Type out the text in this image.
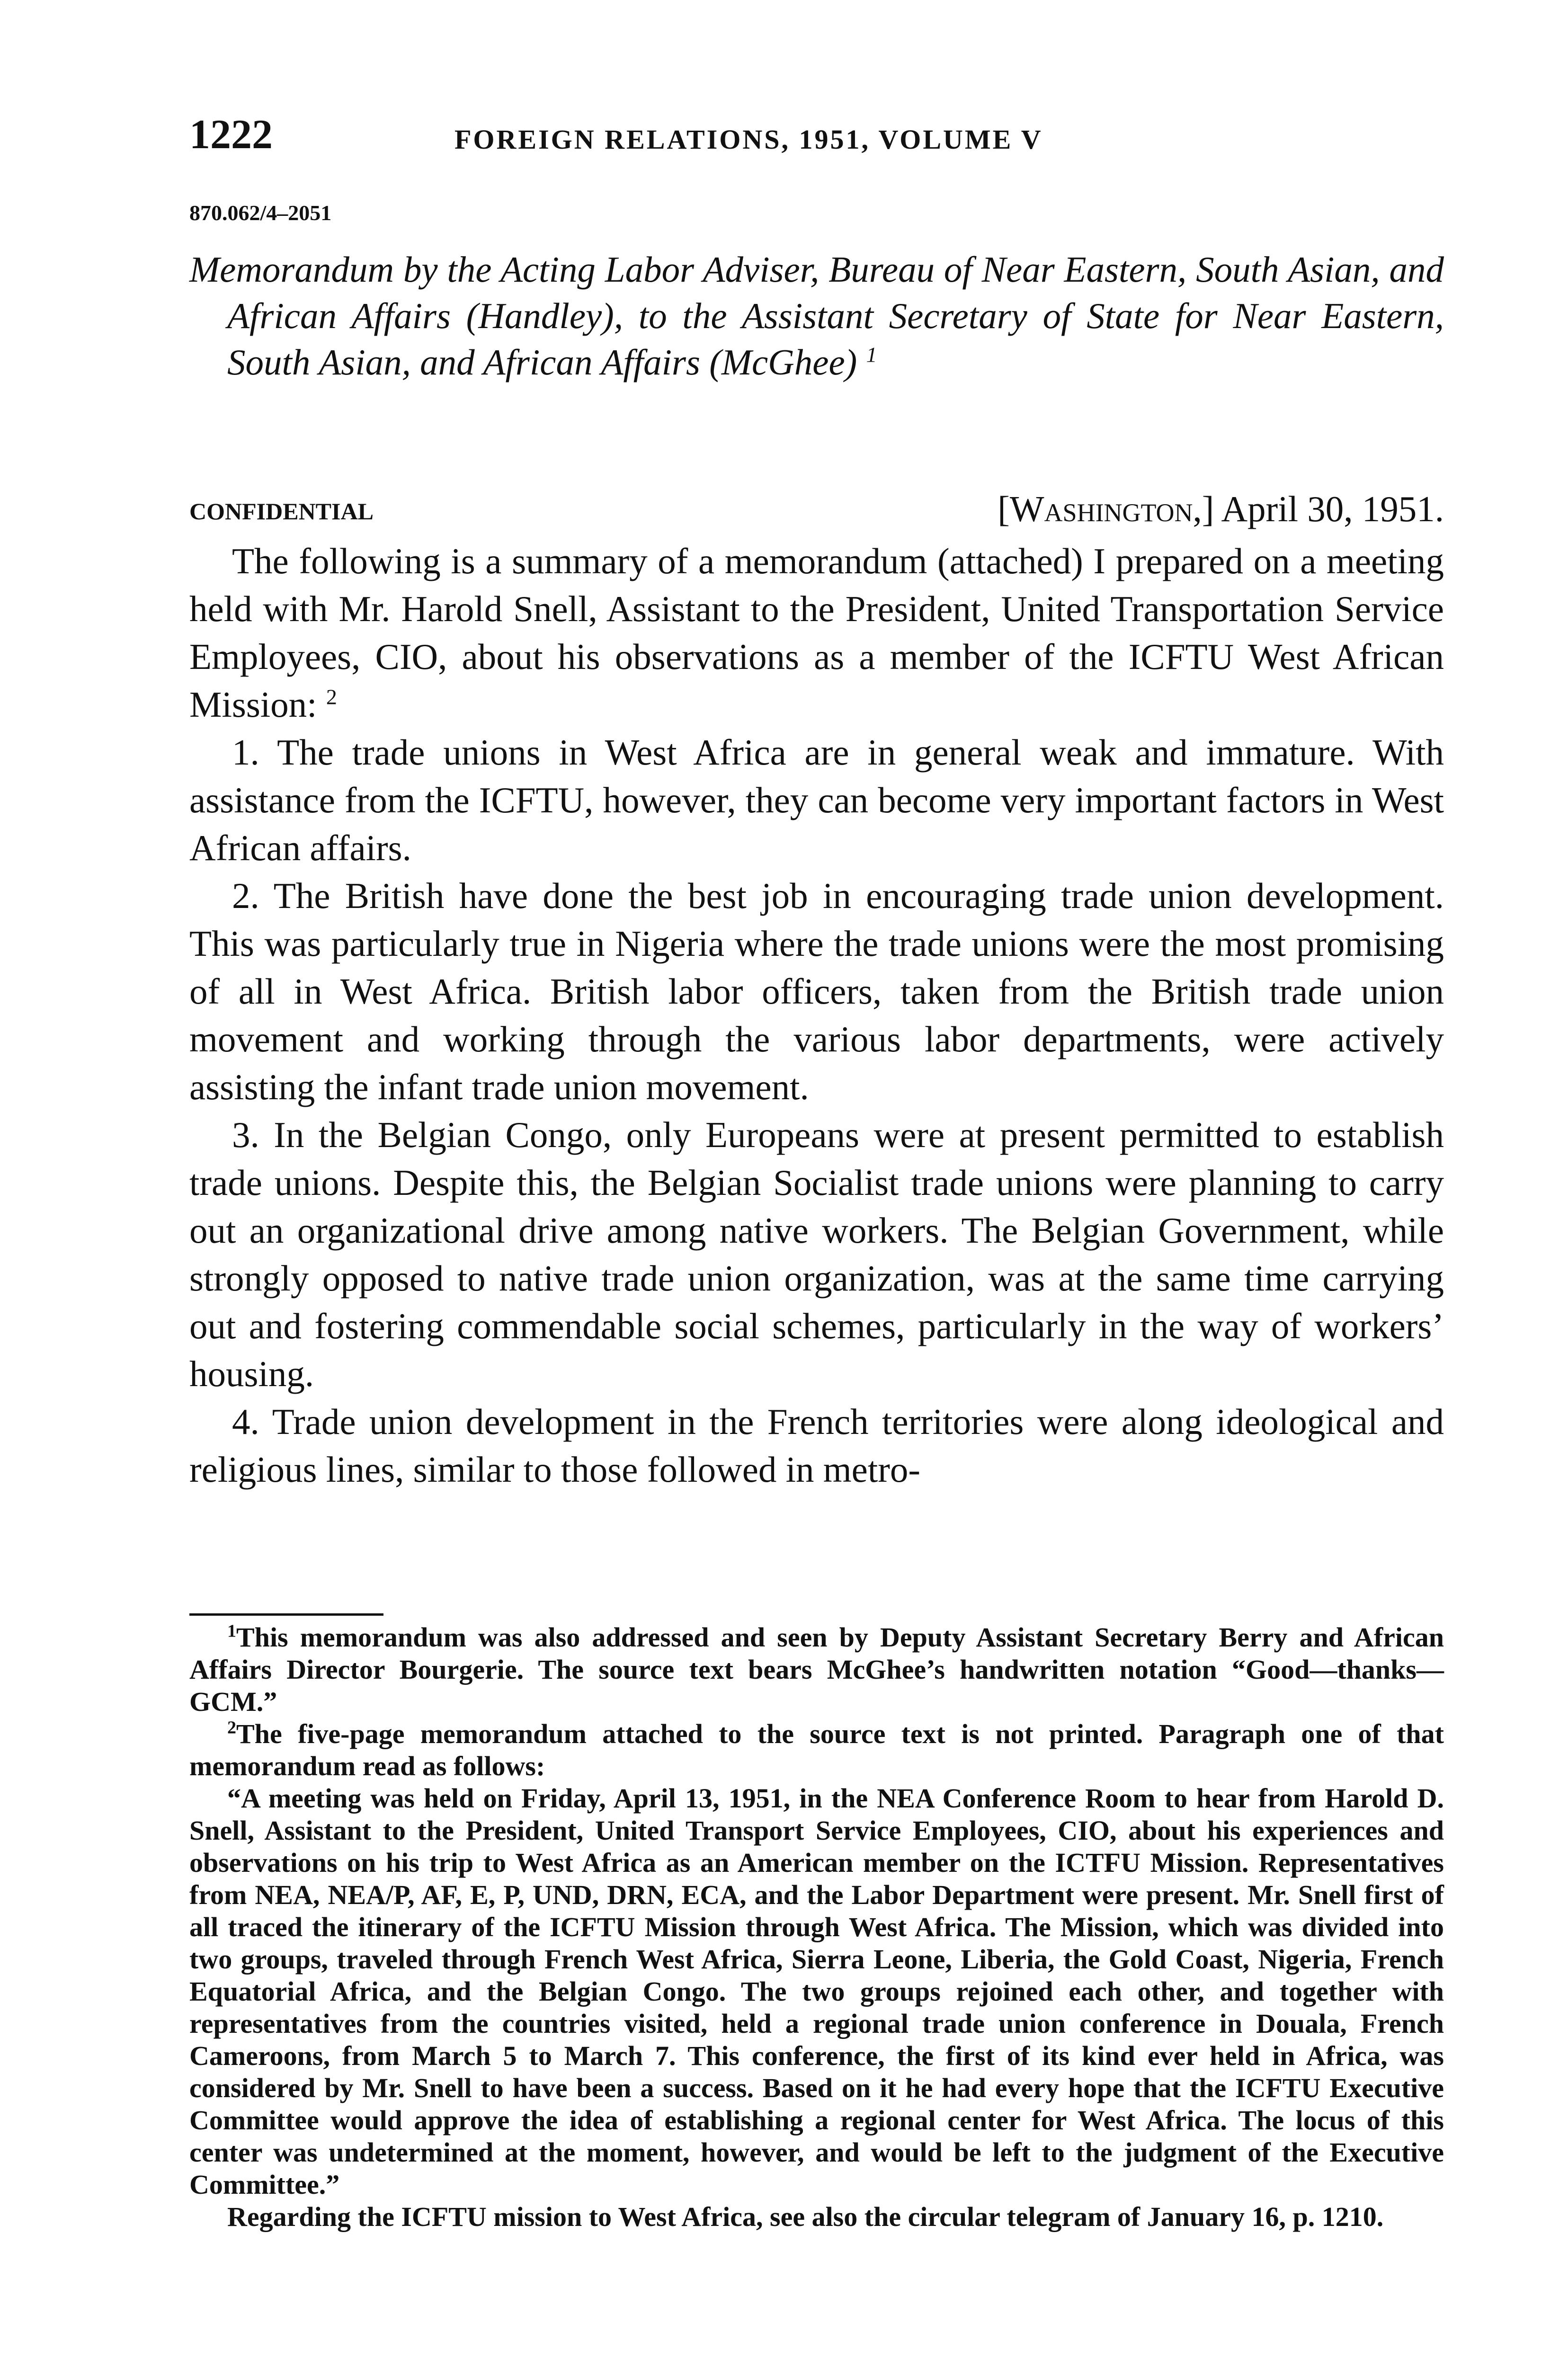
1222	FOREIGN RELATIONS, 1951, VOLUME V
870.062/4–2051
Memorandum by the Acting Labor Adviser, Bureau of Near Eastern, South Asian, and African Affairs (Handley), to the Assistant Secretary of State for Near Eastern, South Asian, and African Affairs (McGhee) $^1$
CONFIDENTIAL	[Washington,] April 30, 1951.

The following is a summary of a memorandum (attached) I prepared on a meeting held with Mr. Harold Snell, Assistant to the President, United Transportation Service Employees, CIO, about his observations as a member of the ICFTU West African Mission: $^2$

1. The trade unions in West Africa are in general weak and immature. With assistance from the ICFTU, however, they can become very important factors in West African affairs.

2. The British have done the best job in encouraging trade union development. This was particularly true in Nigeria where the trade unions were the most promising of all in West Africa. British labor officers, taken from the British trade union movement and working through the various labor departments, were actively assisting the infant trade union movement.

3. In the Belgian Congo, only Europeans were at present permitted to establish trade unions. Despite this, the Belgian Socialist trade unions were planning to carry out an organizational drive among native workers. The Belgian Government, while strongly opposed to native trade union organization, was at the same time carrying out and fostering commendable social schemes, particularly in the way of workers’ housing.

4. Trade union development in the French territories were along ideological and religious lines, similar to those followed in metro-

$^1$This memorandum was also addressed and seen by Deputy Assistant Secretary Berry and African Affairs Director Bourgerie. The source text bears McGhee’s handwritten notation “Good—thanks—GCM.”

$^2$The five-page memorandum attached to the source text is not printed. Paragraph one of that memorandum read as follows:

“A meeting was held on Friday, April 13, 1951, in the NEA Conference Room to hear from Harold D. Snell, Assistant to the President, United Transport Service Employees, CIO, about his experiences and observations on his trip to West Africa as an American member on the ICTFU Mission. Representatives from NEA, NEA/P, AF, E, P, UND, DRN, ECA, and the Labor Department were present. Mr. Snell first of all traced the itinerary of the ICFTU Mission through West Africa. The Mission, which was divided into two groups, traveled through French West Africa, Sierra Leone, Liberia, the Gold Coast, Nigeria, French Equatorial Africa, and the Belgian Congo. The two groups rejoined each other, and together with representatives from the countries visited, held a regional trade union conference in Douala, French Cameroons, from March 5 to March 7. This conference, the first of its kind ever held in Africa, was considered by Mr. Snell to have been a success. Based on it he had every hope that the ICFTU Executive Committee would approve the idea of establishing a regional center for West Africa. The locus of this center was undetermined at the moment, however, and would be left to the judgment of the Executive Committee.”

Regarding the ICFTU mission to West Africa, see also the circular telegram of January 16, p. 1210.
